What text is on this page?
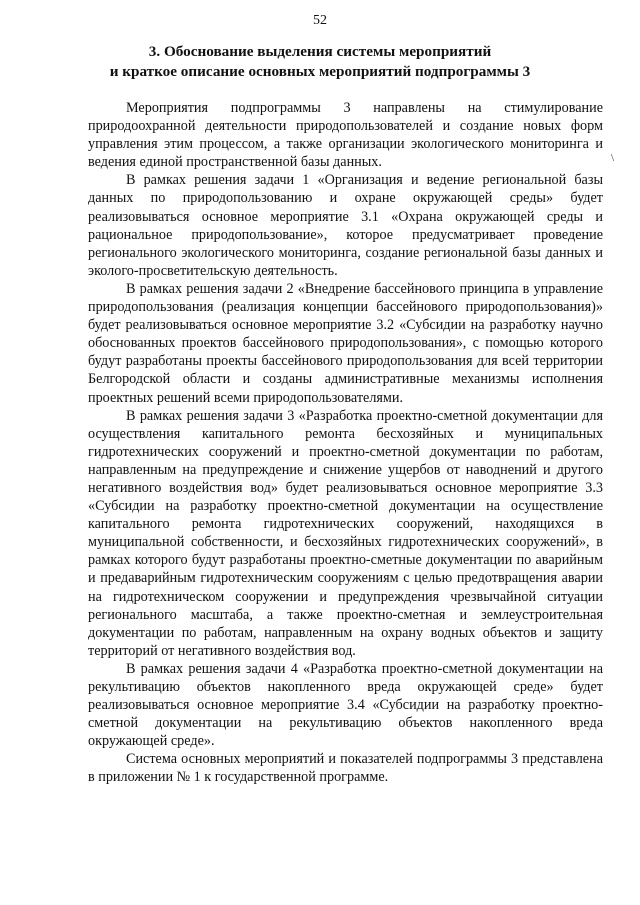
52
3. Обоснование выделения системы мероприятий
и краткое описание основных мероприятий подпрограммы 3

Мероприятия подпрограммы 3 направлены на стимулирование природоохранной деятельности природопользователей и создание новых форм управления этим процессом, а также организации экологического мониторинга и ведения единой пространственной базы данных.

В рамках решения задачи 1 «Организация и ведение региональной базы данных по природопользованию и охране окружающей среды» будет реализовываться основное мероприятие 3.1 «Охрана окружающей среды и рациональное природопользование», которое предусматривает проведение регионального экологического мониторинга, создание региональной базы данных и эколого-просветительскую деятельность.

В рамках решения задачи 2 «Внедрение бассейнового принципа в управление природопользования (реализация концепции бассейнового природопользования)» будет реализовываться основное мероприятие 3.2 «Субсидии на разработку научно обоснованных проектов бассейнового природопользования», с помощью которого будут разработаны проекты бассейнового природопользования для всей территории Белгородской области и созданы административные механизмы исполнения проектных решений всеми природопользователями.

В рамках решения задачи 3 «Разработка проектно-сметной документации для осуществления капитального ремонта бесхозяйных и муниципальных гидротехнических сооружений и проектно-сметной документации по работам, направленным на предупреждение и снижение ущербов от наводнений и другого негативного воздействия вод» будет реализовываться основное мероприятие 3.3 «Субсидии на разработку проектно-сметной документации на осуществление капитального ремонта гидротехнических сооружений, находящихся в муниципальной собственности, и бесхозяйных гидротехнических сооружений», в рамках которого будут разработаны проектно-сметные документации по аварийным и предаварийным гидротехническим сооружениям с целью предотвращения аварии на гидротехническом сооружении и предупреждения чрезвычайной ситуации регионального масштаба, а также проектно-сметная и землеустроительная документации по работам, направленным на охрану водных объектов и защиту территорий от негативного воздействия вод.

В рамках решения задачи 4 «Разработка проектно-сметной документации на рекультивацию объектов накопленного вреда окружающей среде» будет реализовываться основное мероприятие 3.4 «Субсидии на разработку проектно-сметной документации на рекультивацию объектов накопленного вреда окружающей среде».

Система основных мероприятий и показателей подпрограммы 3 представлена в приложении № 1 к государственной программе.

\
